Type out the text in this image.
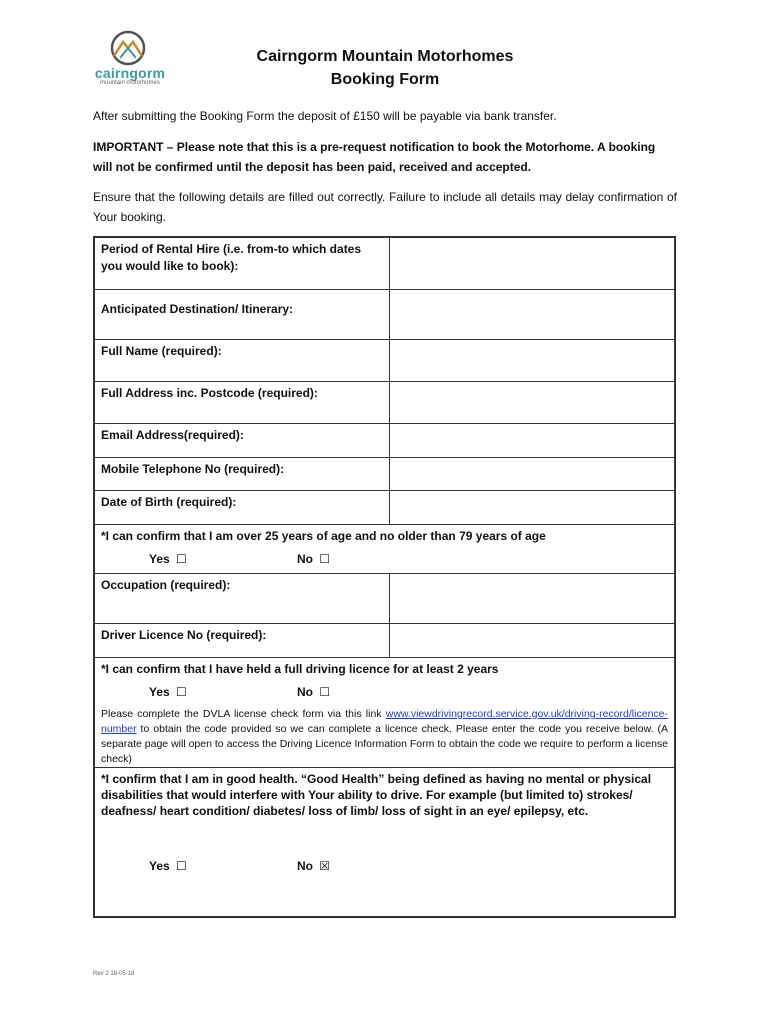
cairngorm
mountain motorhomes
Cairngorm Mountain Motorhomes
Booking Form
After submitting the Booking Form the deposit of £150 will be payable via bank transfer.
IMPORTANT – Please note that this is a pre-request notification to book the Motorhome. A booking will not be confirmed until the deposit has been paid, received and accepted.
Ensure that the following details are filled out correctly. Failure to include all details may delay confirmation of Your booking.
Period of Rental Hire (i.e. from-to which dates you would like to book):
Anticipated Destination/ Itinerary:
Full Name (required):
Full Address inc. Postcode (required):
Email Address(required):
Mobile Telephone No (required):
Date of Birth (required):
*I can confirm that I am over 25 years of age and no older than 79 years of age
Yes ☐	No ☐
Occupation (required):
Driver Licence No (required):
*I can confirm that I have held a full driving licence for at least 2 years
Yes ☐	No ☐
Please complete the DVLA license check form via this link www.viewdrivingrecord.service.gov.uk/driving-record/licence-number to obtain the code provided so we can complete a licence check. Please enter the code you receive below. (A separate page will open to access the Driving Licence Information Form to obtain the code we require to perform a license check)
*I confirm that I am in good health. “Good Health” being defined as having no mental or physical disabilities that would interfere with Your ability to drive. For example (but limited to) strokes/ deafness/ heart condition/ diabetes/ loss of limb/ loss of sight in an eye/ epilepsy, etc.
Yes ☐	No ☒
Rev 2 18-05-18
